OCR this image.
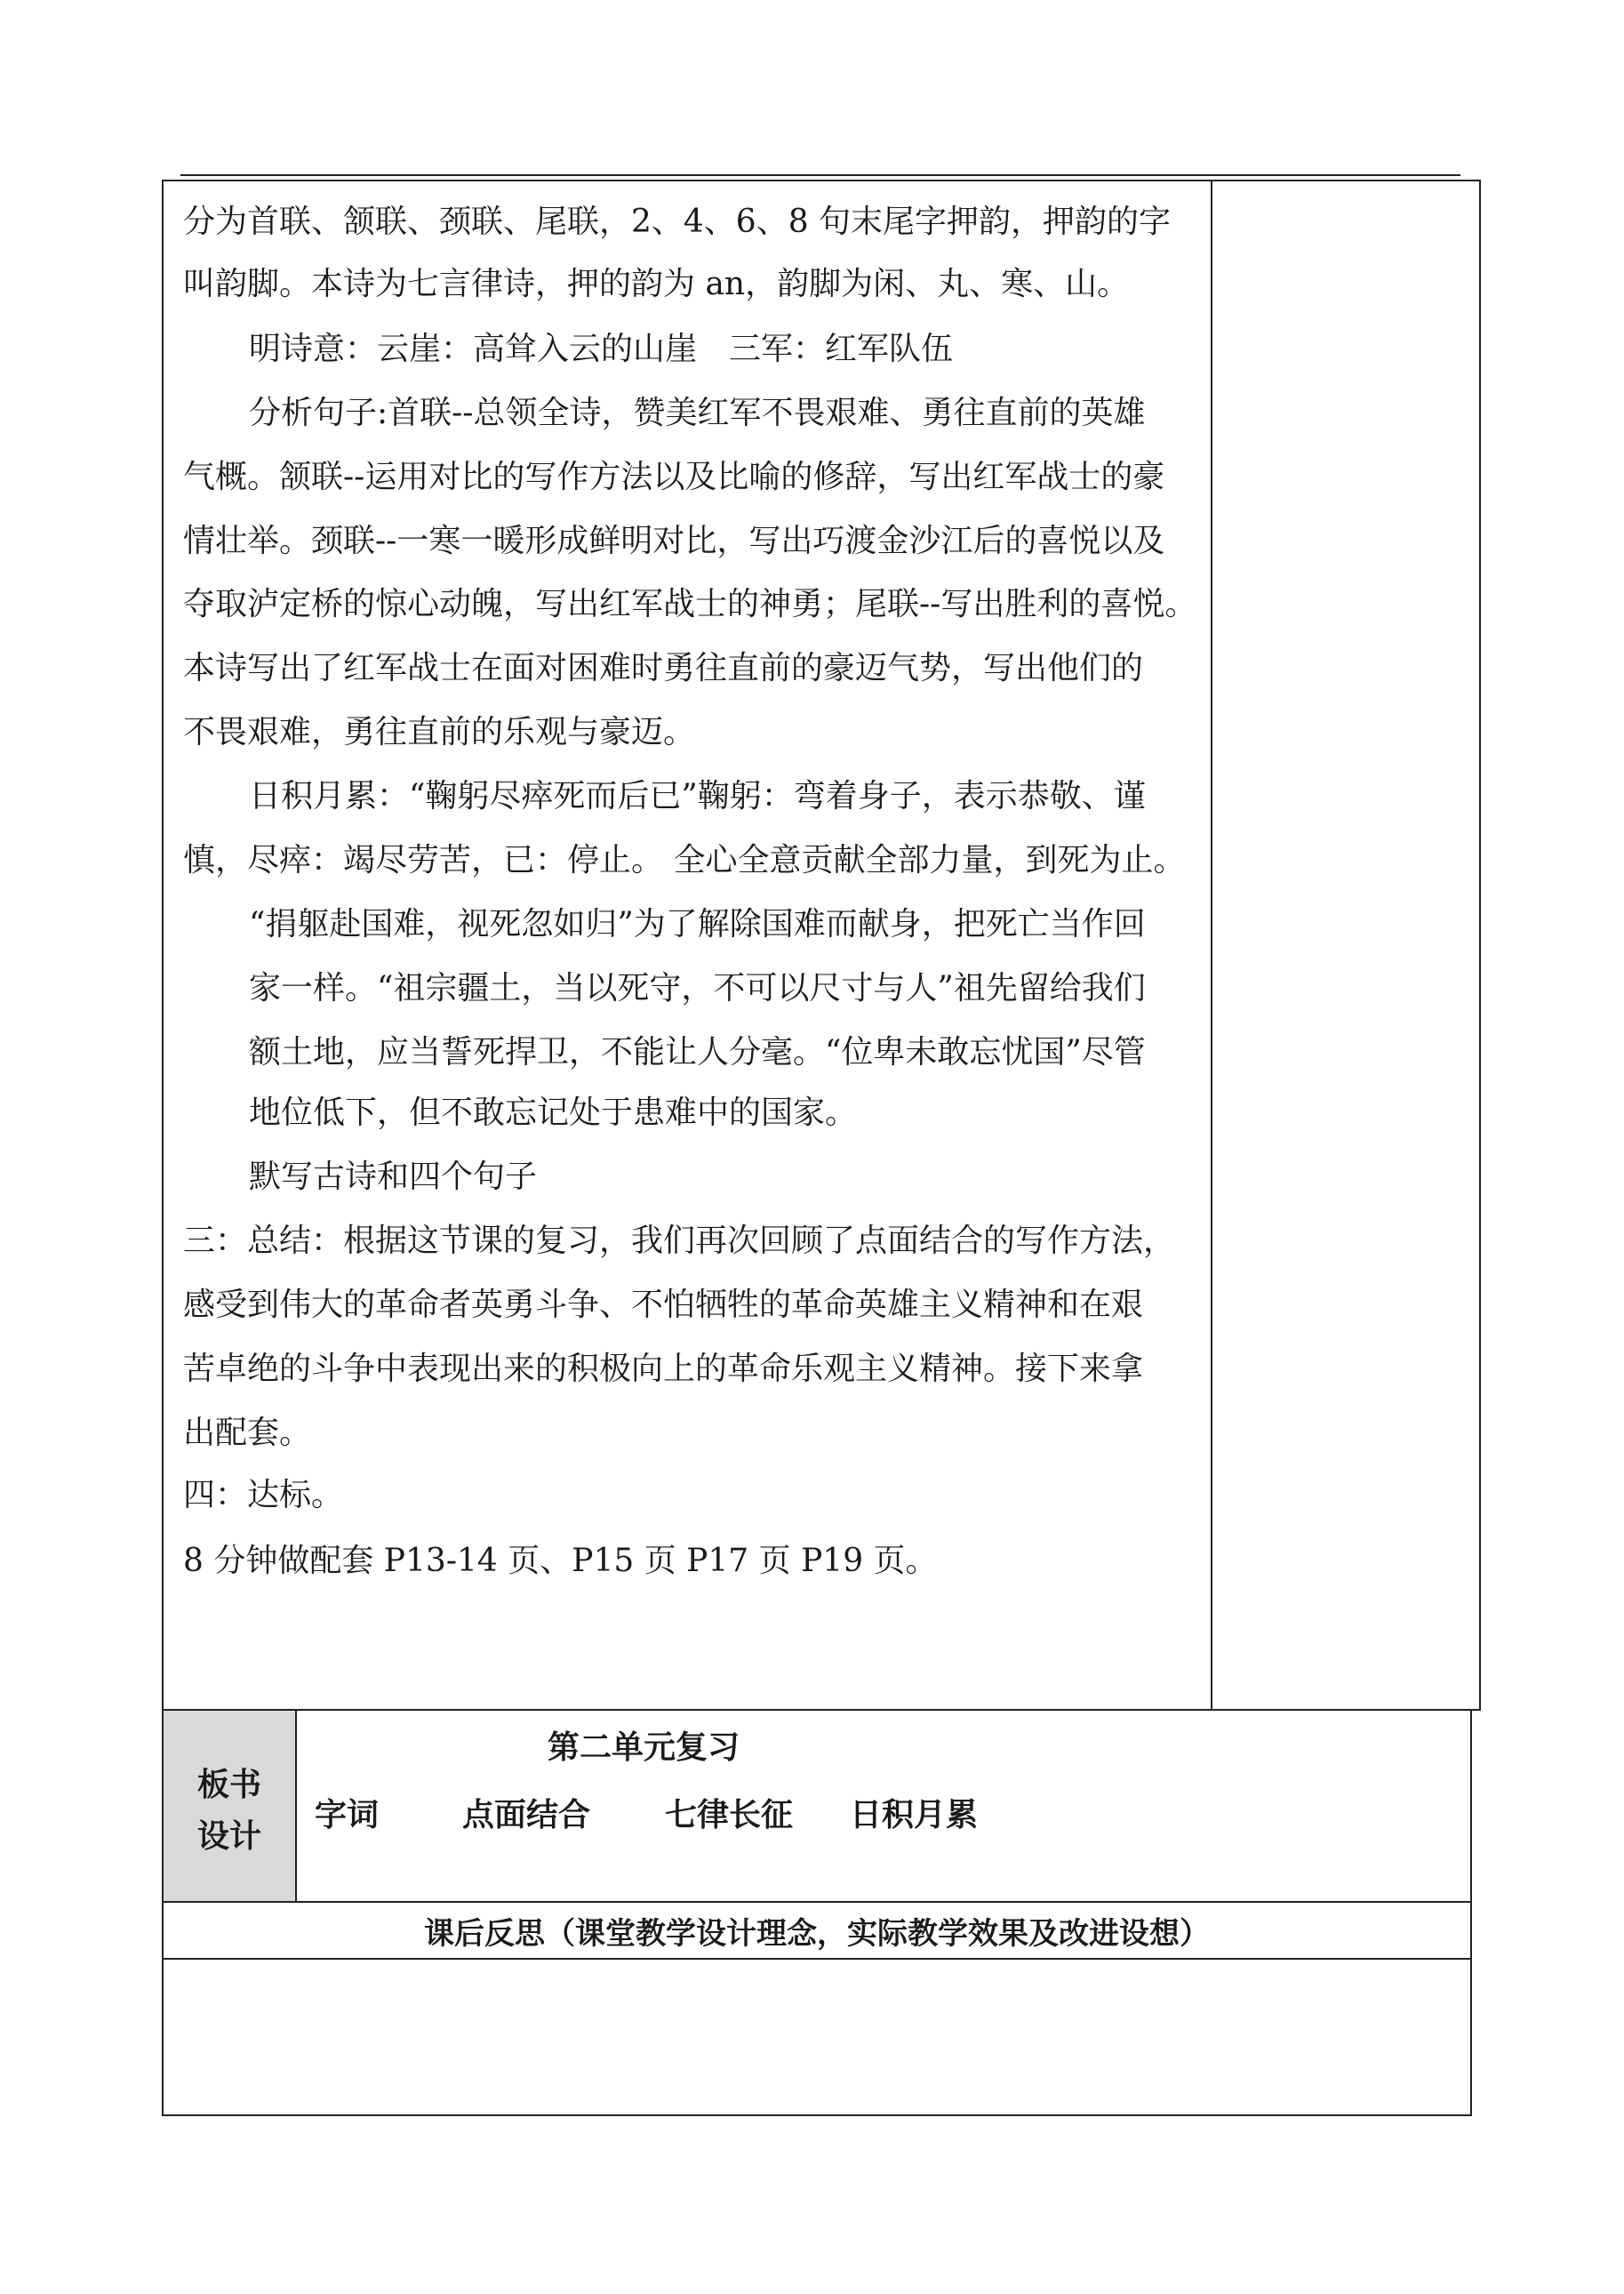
分为首联、颔联、颈联、尾联，2、4、6、8 句末尾字押韵，押韵的字
叫韵脚。本诗为七言律诗，押的韵为 an，韵脚为闲、丸、寒、山。
明诗意：云崖：高耸入云的山崖　三军：红军队伍
分析句子:首联--总领全诗，赞美红军不畏艰难、勇往直前的英雄
气概。颔联--运用对比的写作方法以及比喻的修辞，写出红军战士的豪
情壮举。颈联--一寒一暖形成鲜明对比，写出巧渡金沙江后的喜悦以及
夺取泸定桥的惊心动魄，写出红军战士的神勇；尾联--写出胜利的喜悦。
本诗写出了红军战士在面对困难时勇往直前的豪迈气势，写出他们的
不畏艰难，勇往直前的乐观与豪迈。
日积月累：“鞠躬尽瘁死而后已”鞠躬：弯着身子，表示恭敬、谨
慎，尽瘁：竭尽劳苦，已：停止。 全心全意贡献全部力量，到死为止。
“捐躯赴国难，视死忽如归”为了解除国难而献身，把死亡当作回
家一样。“祖宗疆土，当以死守，不可以尺寸与人”祖先留给我们
额土地，应当誓死捍卫，不能让人分毫。“位卑未敢忘忧国”尽管
地位低下，但不敢忘记处于患难中的国家。
默写古诗和四个句子
三：总结：根据这节课的复习，我们再次回顾了点面结合的写作方法，
感受到伟大的革命者英勇斗争、不怕牺牲的革命英雄主义精神和在艰
苦卓绝的斗争中表现出来的积极向上的革命乐观主义精神。接下来拿
出配套。
四：达标。
8 分钟做配套 P13-14 页、P15 页 P17 页 P19 页。
板书
设计
第二单元复习
字词	点面结合 七律长征 日积月累
课后反思（课堂教学设计理念，实际教学效果及改进设想）
